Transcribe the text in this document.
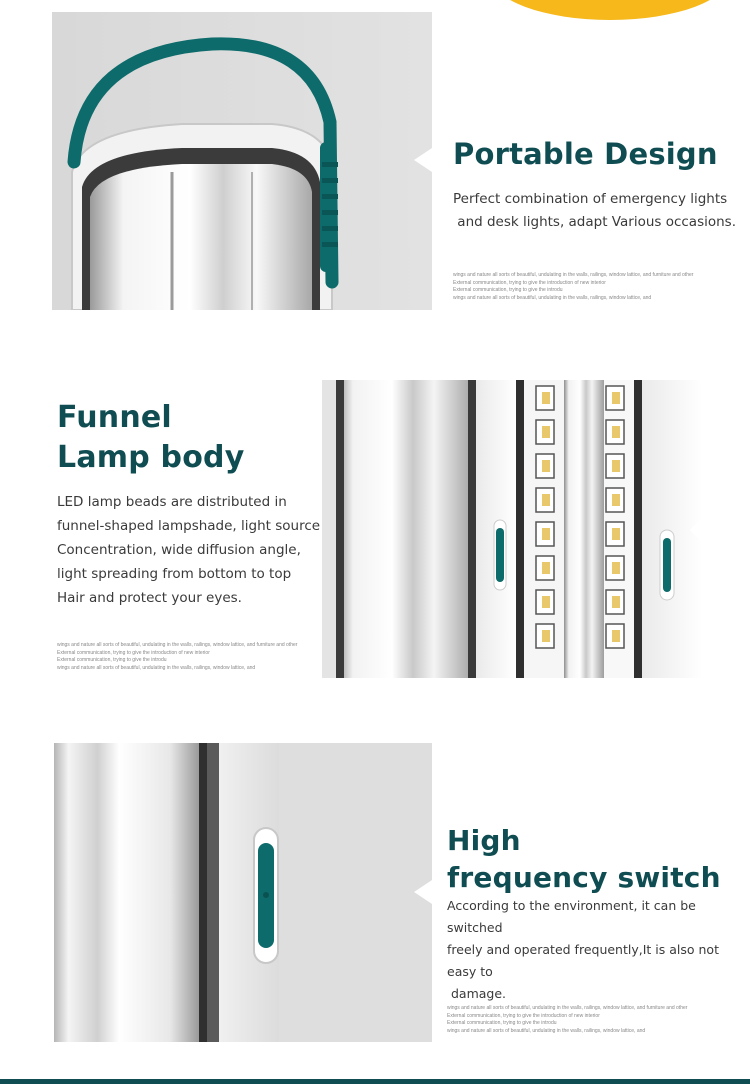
Portable Design

Perfect combination of emergency lights
and desk lights, adapt Various occasions.

wings and nature all sorts of beautiful, undulating in the walls, railings, window lattice, and furniture and other
External communication, trying to give the introduction of new interior
External communication, trying to give the introdu
wings and nature all sorts of beautiful, undulating in the walls, railings, window lattice, and
Funnel
Lamp body

LED lamp beads are distributed in
funnel-shaped lampshade, light source
Concentration, wide diffusion angle,
light spreading from bottom to top
Hair and protect your eyes.

wings and nature all sorts of beautiful, undulating in the walls, railings, window lattice, and furniture and other
External communication, trying to give the introduction of new interior
External communication, trying to give the introdu
wings and nature all sorts of beautiful, undulating in the walls, railings, window lattice, and
High
frequency switch

According to the environment, it can be switched
freely and operated frequently,It is also not easy to
damage.

wings and nature all sorts of beautiful, undulating in the walls, railings, window lattice, and furniture and other
External communication, trying to give the introduction of new interior
External communication, trying to give the introdu
wings and nature all sorts of beautiful, undulating in the walls, railings, window lattice, and
